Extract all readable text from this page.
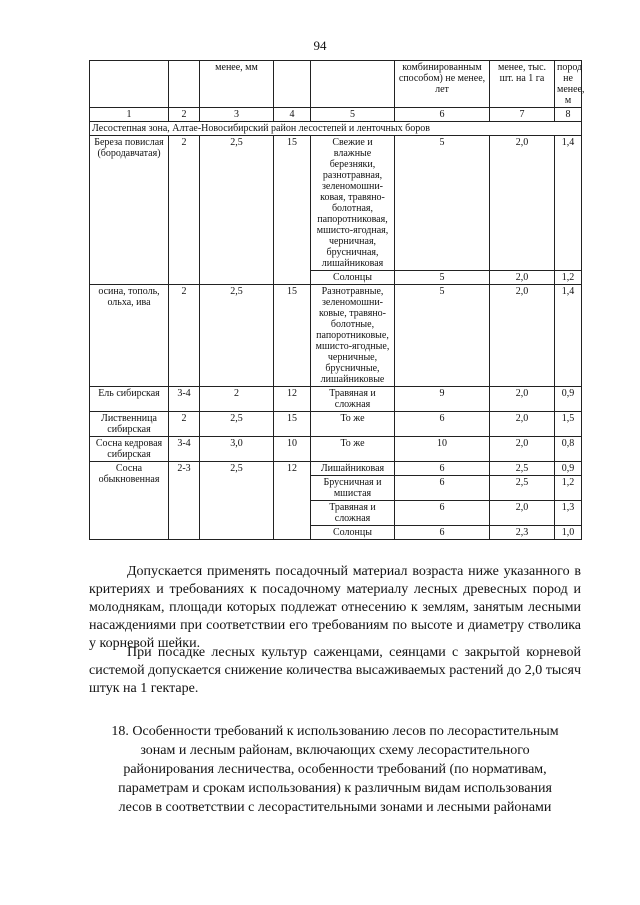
94
		менее, мм			комбинированным способом) не менее, лет	менее, тыс. шт. на 1 га	пород не менее, м
1	2	3	4	5	6	7	8
Лесостепная зона, Алтае-Новосибирский район лесостепей и ленточных боров							
Береза повислая (бородавчатая)	2	2,5	15	Свежие и влажные березняки, разнотравная, зеленомошни-ковая, травяно-болотная, папоротниковая, мшисто-ягодная, черничная, брусничная, лишайниковая	5	2,0	1,4
				Солонцы	5	2,0	1,2
осина, тополь, ольха, ива	2	2,5	15	Разнотравные, зеленомошни-ковые, травяно-болотные, папоротниковые, мшисто-ягодные, черничные, брусничные, лишайниковые	5	2,0	1,4
Ель сибирская	3-4	2	12	Травяная и сложная	9	2,0	0,9
Лиственница сибирская	2	2,5	15	То же	6	2,0	1,5
Сосна кедровая сибирская	3-4	3,0	10	То же	10	2,0	0,8
Сосна обыкновенная	2-3	2,5	12	Лишайниковая	6	2,5	0,9
				Брусничная и мшистая	6	2,5	1,2
				Травяная и сложная	6	2,0	1,3
				Солонцы	6	2,3	1,0

Допускается применять посадочный материал возраста ниже указанного в критериях и требованиях к посадочному материалу лесных древесных пород и молоднякам, площади которых подлежат отнесению к землям, занятым лесными насаждениями при соответствии его требованиям по высоте и диаметру стволика у корневой шейки.

При посадке лесных культур саженцами, сеянцами с закрытой корневой системой допускается снижение количества высаживаемых растений до 2,0 тысяч штук на 1 гектаре.

18. Особенности требований к использованию лесов по лесорастительным зонам и лесным районам, включающих схему лесорастительного районирования лесничества, особенности требований (по нормативам, параметрам и срокам использования) к различным видам использования лесов в соответствии с лесорастительными зонами и лесными районами
